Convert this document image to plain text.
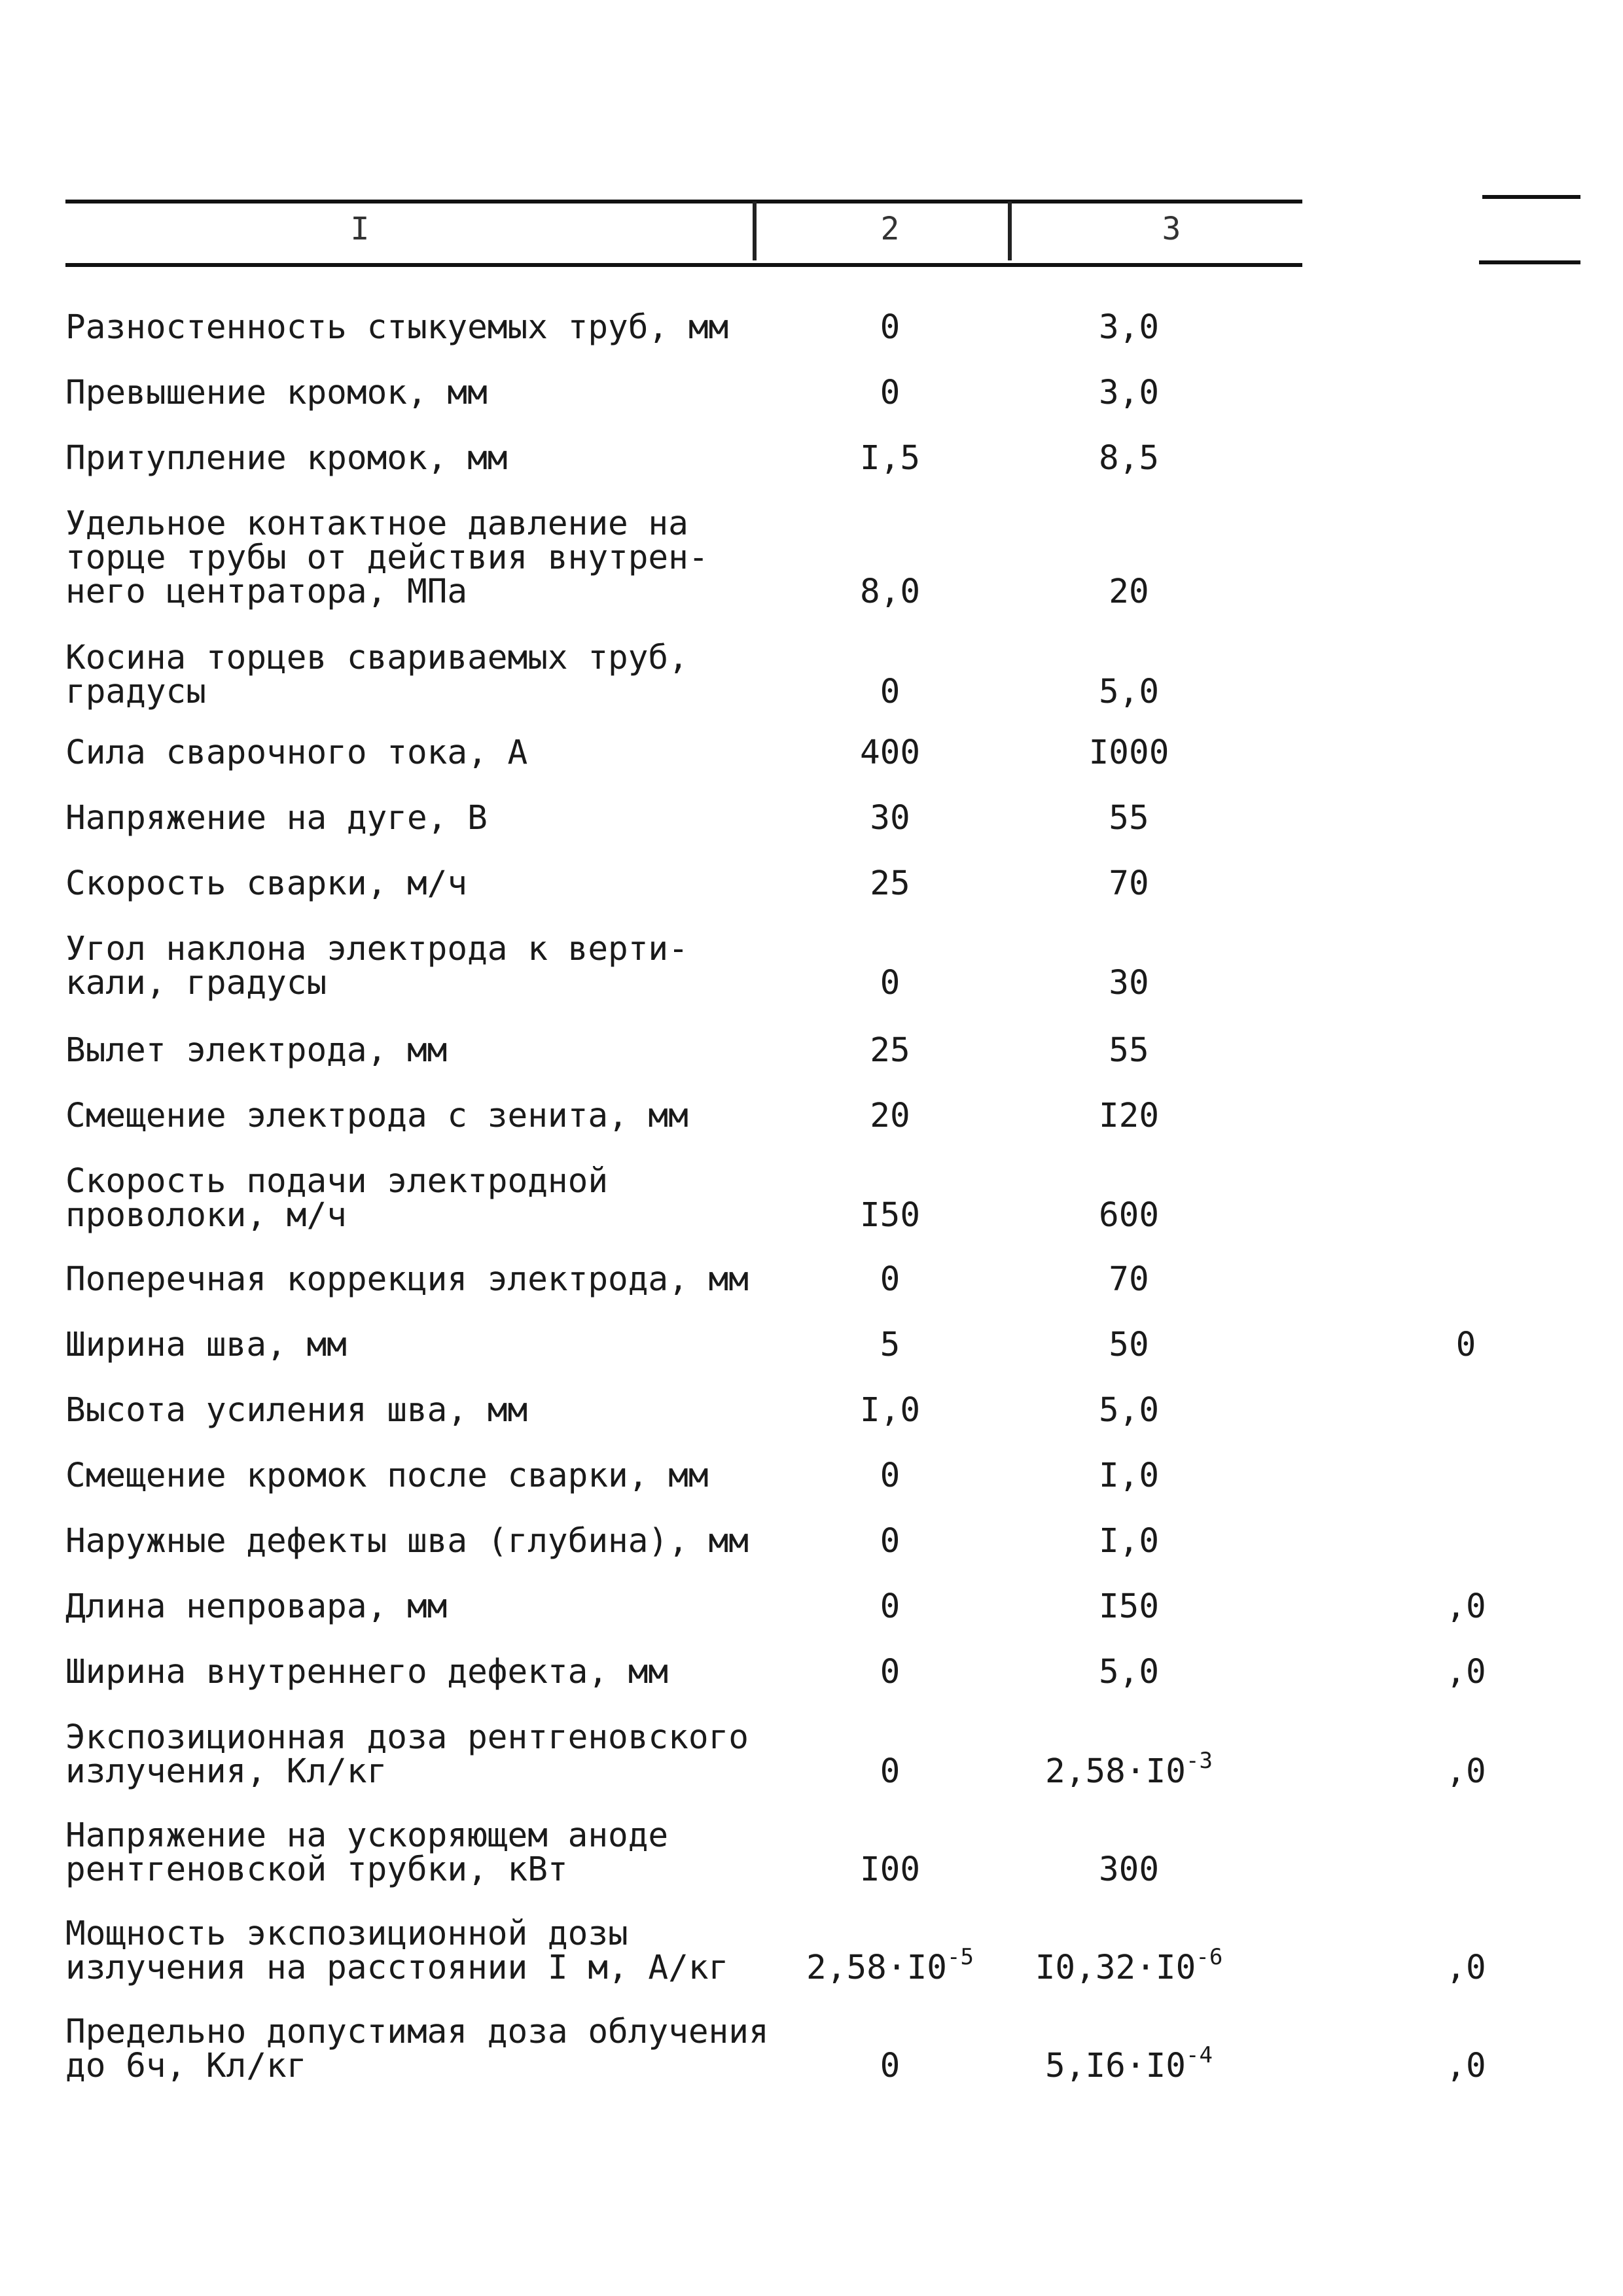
I	2	3
Разностенность стыкуемых труб, мм	0	3,0
Превышение кромок, мм	0	3,0
Притупление кромок, мм	I,5	8,5
Удельное контактное давление на
торце трубы от действия внутрен-
него центратора, МПа	8,0	20
Косина торцев свариваемых труб,
градусы	0	5,0
Сила сварочного тока, А	400	I000
Напряжение на дуге, В	30	55
Скорость сварки, м/ч	25	70
Угол наклона электрода к верти-
кали, градусы	0	30
Вылет электрода, мм	25	55
Смещение электрода с зенита, мм	20	I20
Скорость подачи электродной
проволоки, м/ч	I50	600
Поперечная коррекция электрода, мм	0	70
Ширина шва, мм	5	50	0
Высота усиления шва, мм	I,0	5,0
Смещение кромок после сварки, мм	0	I,0
Наружные дефекты шва (глубина), мм	0	I,0
Длина непровара, мм	0	I50	,0
Ширина внутреннего дефекта, мм	0	5,0	,0
Экспозиционная доза рентгеновского
излучения, Кл/кг	0	$2,58\cdot I0^{-3}$	,0
Напряжение на ускоряющем аноде
рентгеновской трубки, кВт	I00	300
Мощность экспозиционной дозы
излучения на расстоянии I м, А/кг	$2,58\cdot I0^{-5}$	$I0,32\cdot I0^{-6}$	,0
Предельно допустимая доза облучения
до 6ч, Кл/кг	0	$5,I6\cdot I0^{-4}$	,0
